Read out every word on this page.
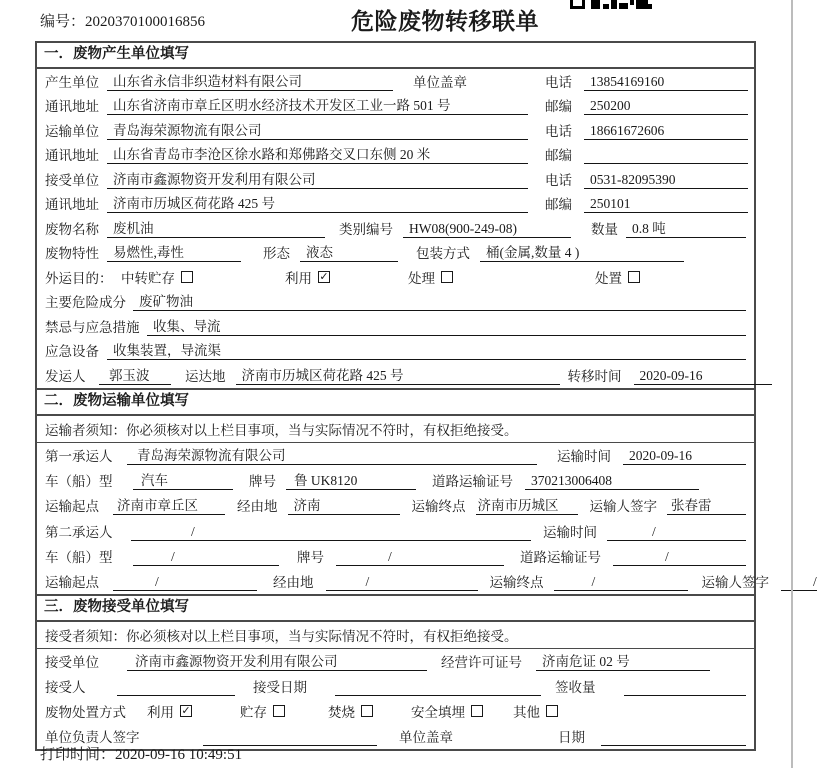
编号：2020370100016856	危险废物转移联单
一．废物产生单位填写
产生单位	山东省永信非织造材料有限公司	单位盖章	电话	13854169160
通讯地址	山东省济南市章丘区明水经济技术开发区工业一路 501 号	邮编	250200
运输单位	青岛海荣源物流有限公司	电话	18661672606
通讯地址	山东省青岛市李沧区徐水路和郑佛路交叉口东侧 20 米	邮编
接受单位	济南市鑫源物资开发利用有限公司	电话	0531-82095390
通讯地址	济南市历城区荷花路 425 号	邮编	250101
废物名称	废机油	类别编号	HW08(900-249-08)	数量	0.8 吨
废物特性	易燃性,毒性	形态	液态	包装方式	桶(金属,数量 4 )
外运目的： 中转贮存	利用 ✓	处理	处置
主要危险成分 废矿物油
禁忌与应急措施	收集、导流
应急设备	收集装置，导流渠
发运人	郭玉波	运达地	济南市历城区荷花路 425 号	转移时间	2020-09-16
二．废物运输单位填写
运输者须知：你必须核对以上栏目事项，当与实际情况不符时，有权拒绝接受。
第一承运人	青岛海荣源物流有限公司	运输时间	2020-09-16
车（船）型	汽车	牌号	鲁 UK8120	道路运输证号	370213006408
运输起点 济南市章丘区	经由地	济南	运输终点 济南市历城区	运输人签字 张春雷
第二承运人	/	运输时间	/
车（船）型	/	牌号	/	道路运输证号	/
运输起点	/	经由地	/	运输终点	/	运输人签字	/
三．废物接受单位填写
接受者须知：你必须核对以上栏目事项，当与实际情况不符时，有权拒绝接受。
接受单位	济南市鑫源物资开发利用有限公司	经营许可证号	济南危证 02 号
接受人	接受日期	签收量
废物处置方式 利用 ✓	贮存	焚烧	安全填埋	其他
单位负责人签字	单位盖章	日期
打印时间：2020-09-16 10:49:51
